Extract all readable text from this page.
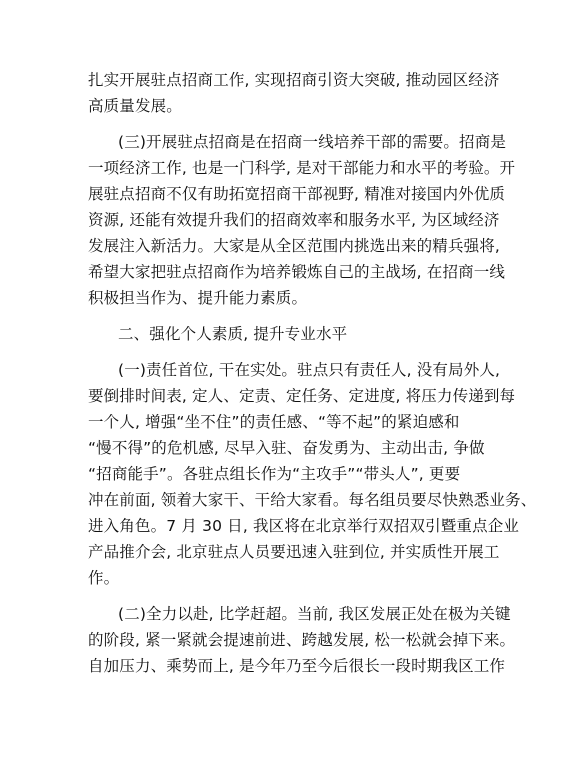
扎实开展驻点招商工作, 实现招商引资大突破, 推动园区经济
高质量发展。
(三)开展驻点招商是在招商一线培养干部的需要。招商是
一项经济工作, 也是一门科学, 是对干部能力和水平的考验。开
展驻点招商不仅有助拓宽招商干部视野, 精准对接国内外优质
资源, 还能有效提升我们的招商效率和服务水平, 为区域经济
发展注入新活力。大家是从全区范围内挑选出来的精兵强将,
希望大家把驻点招商作为培养锻炼自己的主战场, 在招商一线
积极担当作为、提升能力素质。
二、强化个人素质, 提升专业水平
(一)责任首位, 干在实处。驻点只有责任人, 没有局外人,
要倒排时间表, 定人、定责、定任务、定进度, 将压力传递到每
一个人, 增强“坐不住”的责任感、“等不起”的紧迫感和
“慢不得”的危机感, 尽早入驻、奋发勇为、主动出击, 争做
“招商能手”。各驻点组长作为“主攻手”“带头人”, 更要
冲在前面, 领着大家干、干给大家看。每名组员要尽快熟悉业务、
进入角色。7 月 30 日, 我区将在北京举行双招双引暨重点企业
产品推介会, 北京驻点人员要迅速入驻到位, 并实质性开展工
作。
(二)全力以赴, 比学赶超。当前, 我区发展正处在极为关键
的阶段, 紧一紧就会提速前进、跨越发展, 松一松就会掉下来。
自加压力、乘势而上, 是今年乃至今后很长一段时期我区工作
